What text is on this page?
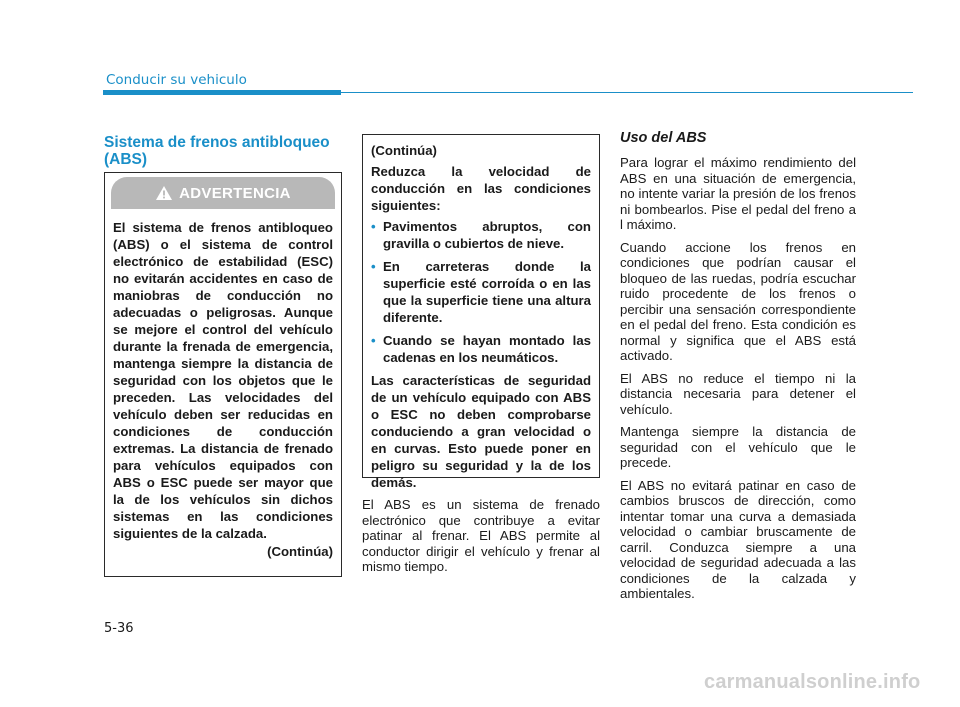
Conducir su vehiculo
Sistema de frenos antibloqueo (ABS)
ADVERTENCIA
El sistema de frenos antibloqueo (ABS) o el sistema de control electrónico de estabilidad (ESC) no evitarán accidentes en caso de maniobras de conducción no adecuadas o peligrosas. Aunque se mejore el control del vehículo durante la frenada de emergencia, mantenga siempre la distancia de seguridad con los objetos que le preceden. Las velocidades del vehículo deben ser reducidas en condiciones de conducción extremas. La distancia de frenado para vehículos equipados con ABS o ESC puede ser mayor que la de los vehículos sin dichos sistemas en las condiciones siguientes de la calzada.
(Continúa)

(Continúa)

Reduzca la velocidad de conducción en las condiciones siguientes:

• Pavimentos abruptos, con gravilla o cubiertos de nieve.
• En carreteras donde la superficie esté corroída o en las que la superficie tiene una altura diferente.
• Cuando se hayan montado las cadenas en los neumáticos.

Las características de seguridad de un vehículo equipado con ABS o ESC no deben comprobarse conduciendo a gran velocidad o en curvas. Esto puede poner en peligro su seguridad y la de los demás.

El ABS es un sistema de frenado electrónico que contribuye a evitar patinar al frenar. El ABS permite al conductor dirigir el vehículo y frenar al mismo tiempo.

Uso del ABS

Para lograr el máximo rendimiento del ABS en una situación de emergencia, no intente variar la presión de los frenos ni bombearlos. Pise el pedal del freno a l máximo.

Cuando accione los frenos en condiciones que podrían causar el bloqueo de las ruedas, podría escuchar ruido procedente de los frenos o percibir una sensación correspondiente en el pedal del freno. Esta condición es normal y significa que el ABS está activado.

El ABS no reduce el tiempo ni la distancia necesaria para detener el vehículo.

Mantenga siempre la distancia de seguridad con el vehículo que le precede.

El ABS no evitará patinar en caso de cambios bruscos de dirección, como intentar tomar una curva a demasiada velocidad o cambiar bruscamente de carril. Conduzca siempre a una velocidad de seguridad adecuada a las condiciones de la calzada y ambientales.

5-36
carmanualsonline.info
